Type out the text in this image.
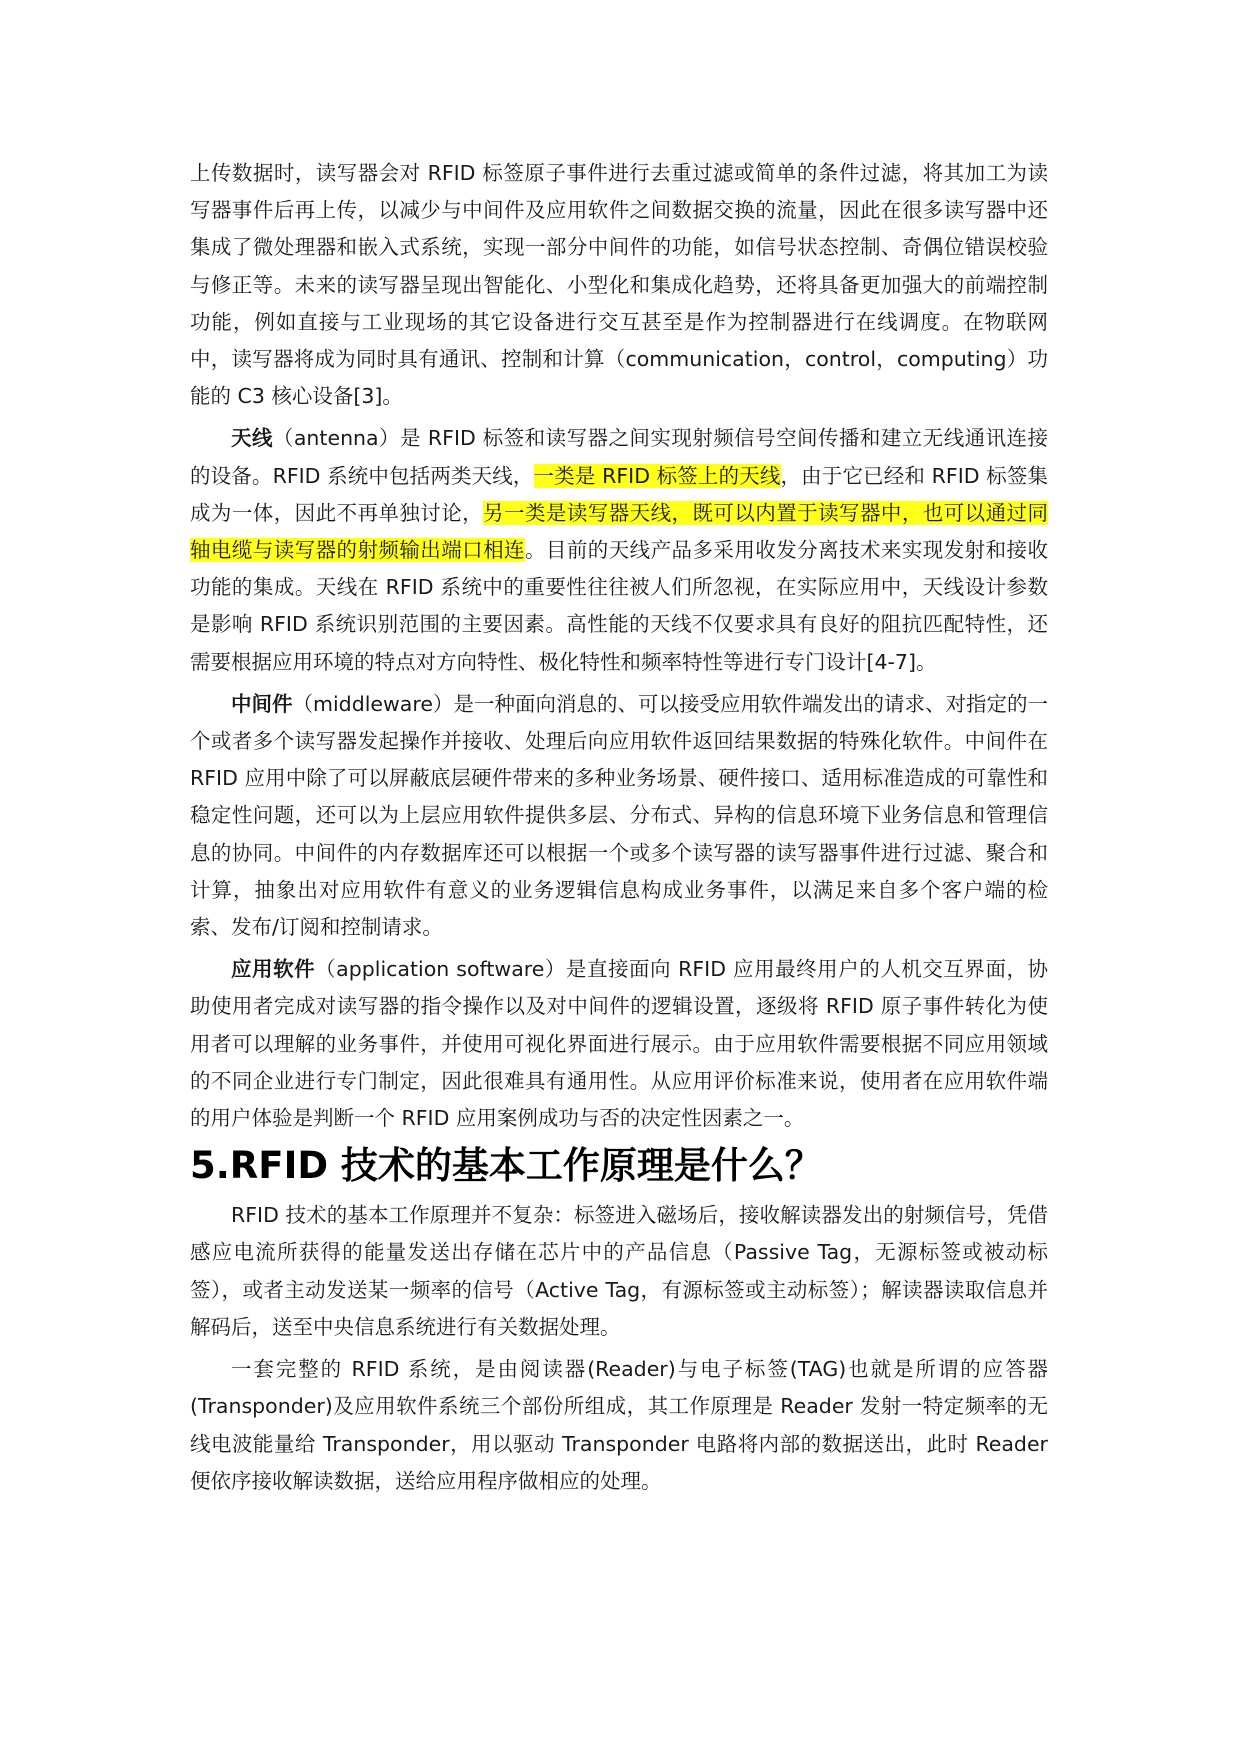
上传数据时，读写器会对 RFID 标签原子事件进行去重过滤或简单的条件过滤，将其加工为读写器事件后再上传，以减少与中间件及应用软件之间数据交换的流量，因此在很多读写器中还集成了微处理器和嵌入式系统，实现一部分中间件的功能，如信号状态控制、奇偶位错误校验与修正等。未来的读写器呈现出智能化、小型化和集成化趋势，还将具备更加强大的前端控制功能，例如直接与工业现场的其它设备进行交互甚至是作为控制器进行在线调度。在物联网中，读写器将成为同时具有通讯、控制和计算（communication，control，computing）功能的 C3 核心设备[3]。

天线（antenna）是 RFID 标签和读写器之间实现射频信号空间传播和建立无线通讯连接的设备。RFID 系统中包括两类天线，一类是 RFID 标签上的天线，由于它已经和 RFID 标签集成为一体，因此不再单独讨论，另一类是读写器天线，既可以内置于读写器中，也可以通过同轴电缆与读写器的射频输出端口相连。目前的天线产品多采用收发分离技术来实现发射和接收功能的集成。天线在 RFID 系统中的重要性往往被人们所忽视，在实际应用中，天线设计参数是影响 RFID 系统识别范围的主要因素。高性能的天线不仅要求具有良好的阻抗匹配特性，还需要根据应用环境的特点对方向特性、极化特性和频率特性等进行专门设计[4-7]。

中间件（middleware）是一种面向消息的、可以接受应用软件端发出的请求、对指定的一个或者多个读写器发起操作并接收、处理后向应用软件返回结果数据的特殊化软件。中间件在 RFID 应用中除了可以屏蔽底层硬件带来的多种业务场景、硬件接口、适用标准造成的可靠性和稳定性问题，还可以为上层应用软件提供多层、分布式、异构的信息环境下业务信息和管理信息的协同。中间件的内存数据库还可以根据一个或多个读写器的读写器事件进行过滤、聚合和计算，抽象出对应用软件有意义的业务逻辑信息构成业务事件，以满足来自多个客户端的检索、发布/订阅和控制请求。

应用软件（application software）是直接面向 RFID 应用最终用户的人机交互界面，协助使用者完成对读写器的指令操作以及对中间件的逻辑设置，逐级将 RFID 原子事件转化为使用者可以理解的业务事件，并使用可视化界面进行展示。由于应用软件需要根据不同应用领域的不同企业进行专门制定，因此很难具有通用性。从应用评价标准来说，使用者在应用软件端的用户体验是判断一个 RFID 应用案例成功与否的决定性因素之一。

5.RFID 技术的基本工作原理是什么？

RFID 技术的基本工作原理并不复杂：标签进入磁场后，接收解读器发出的射频信号，凭借感应电流所获得的能量发送出存储在芯片中的产品信息（Passive Tag，无源标签或被动标签），或者主动发送某一频率的信号（Active Tag，有源标签或主动标签）；解读器读取信息并解码后，送至中央信息系统进行有关数据处理。

一套完整的 RFID 系统，是由阅读器(Reader)与电子标签(TAG)也就是所谓的应答器(Transponder)及应用软件系统三个部份所组成，其工作原理是 Reader 发射一特定频率的无线电波能量给 Transponder，用以驱动 Transponder 电路将内部的数据送出，此时 Reader 便依序接收解读数据，送给应用程序做相应的处理。
